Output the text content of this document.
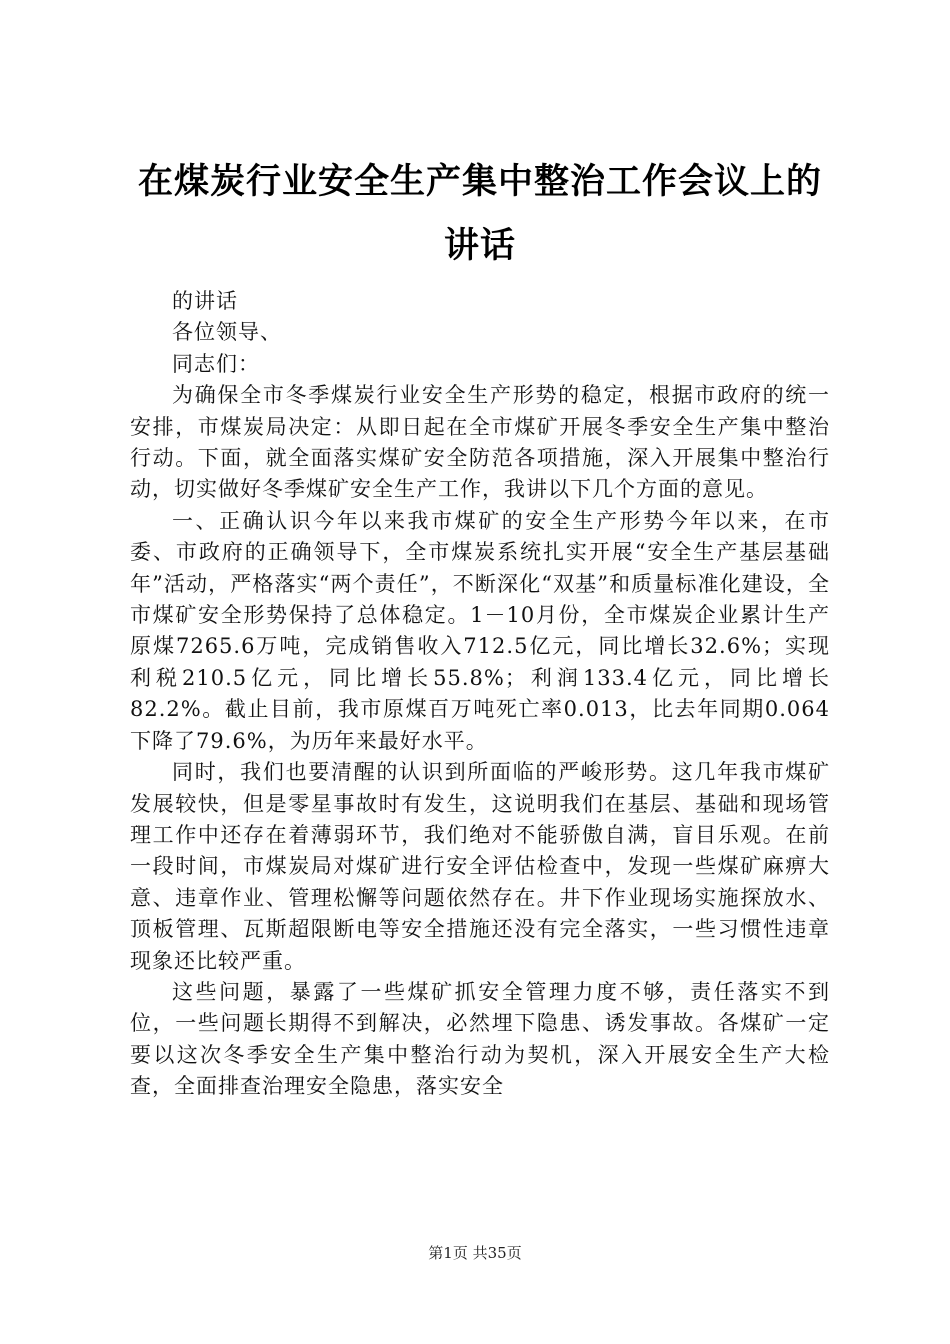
在煤炭行业安全生产集中整治工作会议上的讲话

的讲话

各位领导、

同志们：

为确保全市冬季煤炭行业安全生产形势的稳定，根据市政府的统一安排，市煤炭局决定：从即日起在全市煤矿开展冬季安全生产集中整治行动。下面，就全面落实煤矿安全防范各项措施，深入开展集中整治行动，切实做好冬季煤矿安全生产工作，我讲以下几个方面的意见。

一、正确认识今年以来我市煤矿的安全生产形势今年以来，在市委、市政府的正确领导下，全市煤炭系统扎实开展“安全生产基层基础年”活动，严格落实“两个责任”，不断深化“双基”和质量标准化建设，全市煤矿安全形势保持了总体稳定。1－10月份，全市煤炭企业累计生产原煤7265.6万吨，完成销售收入712.5亿元，同比增长32.6%；实现利税210.5亿元，同比增长55.8%；利润133.4亿元，同比增长82.2%。截止目前，我市原煤百万吨死亡率0.013，比去年同期0.064下降了79.6%，为历年来最好水平。

同时，我们也要清醒的认识到所面临的严峻形势。这几年我市煤矿发展较快，但是零星事故时有发生，这说明我们在基层、基础和现场管理工作中还存在着薄弱环节，我们绝对不能骄傲自满，盲目乐观。在前一段时间，市煤炭局对煤矿进行安全评估检查中，发现一些煤矿麻痹大意、违章作业、管理松懈等问题依然存在。井下作业现场实施探放水、顶板管理、瓦斯超限断电等安全措施还没有完全落实，一些习惯性违章现象还比较严重。

这些问题，暴露了一些煤矿抓安全管理力度不够，责任落实不到位，一些问题长期得不到解决，必然埋下隐患、诱发事故。各煤矿一定要以这次冬季安全生产集中整治行动为契机，深入开展安全生产大检查，全面排查治理安全隐患，落实安全

第1页 共35页
